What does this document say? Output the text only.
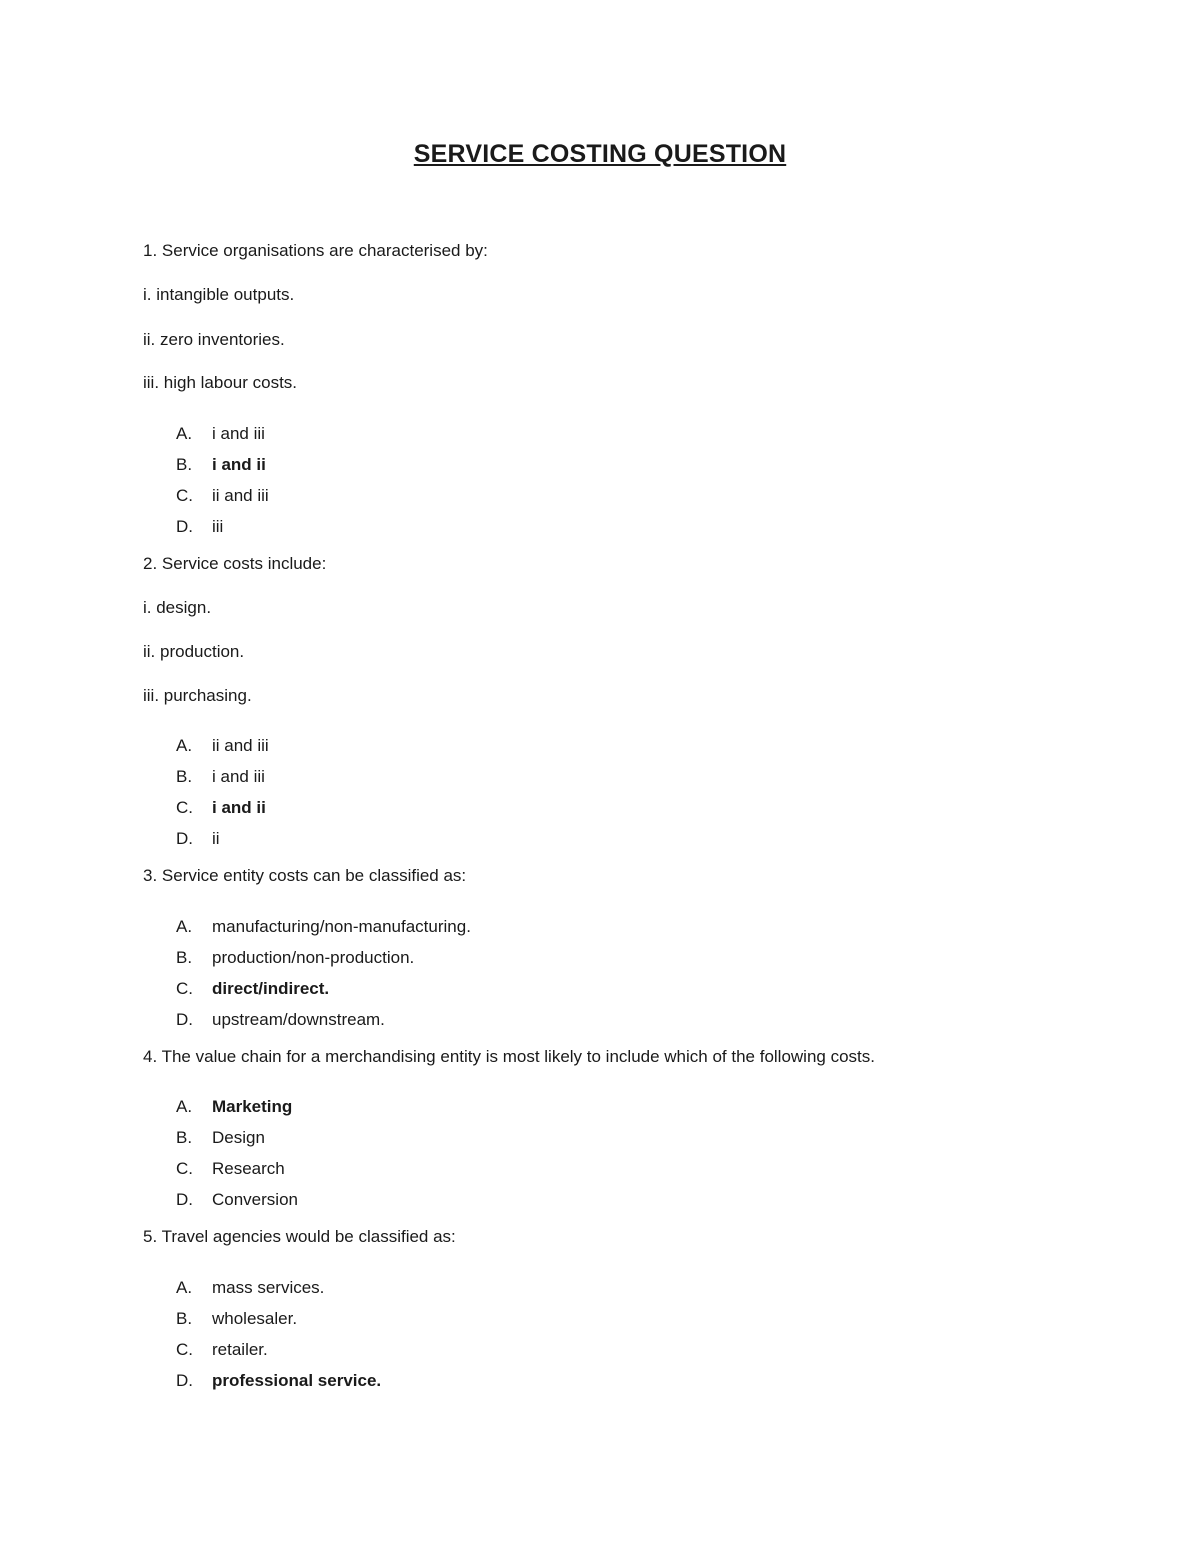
SERVICE COSTING QUESTION
1. Service organisations are characterised by:
i. intangible outputs.
ii. zero inventories.
iii. high labour costs.
A. i and iii
B. i and ii
C. ii and iii
D. iii
2. Service costs include:
i. design.
ii. production.
iii. purchasing.
A. ii and iii
B. i and iii
C. i and ii
D. ii
3. Service entity costs can be classified as:
A. manufacturing/non-manufacturing.
B. production/non-production.
C. direct/indirect.
D. upstream/downstream.
4. The value chain for a merchandising entity is most likely to include which of the following costs.
A. Marketing
B. Design
C. Research
D. Conversion
5. Travel agencies would be classified as:
A. mass services.
B. wholesaler.
C. retailer.
D. professional service.
